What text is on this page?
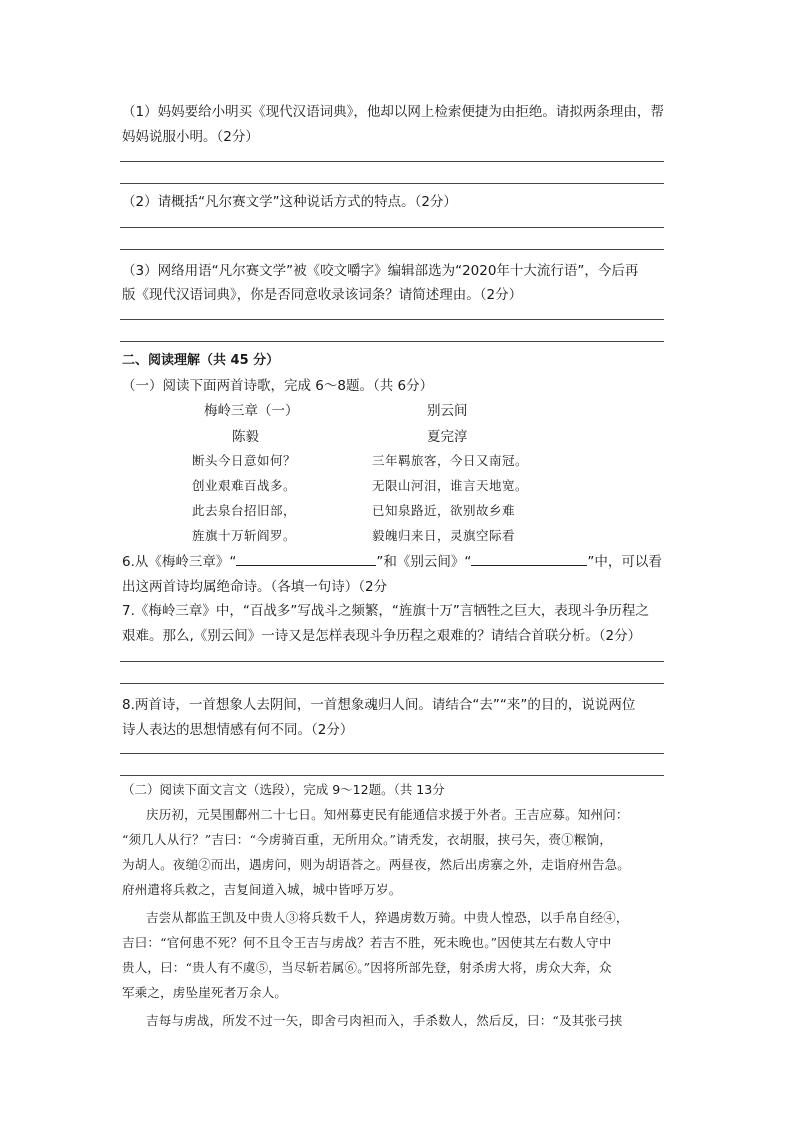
（1）妈妈要给小明买《现代汉语词典》，他却以网上检索便捷为由拒绝。请拟两条理由，帮
妈妈说服小明。（2分）
（2）请概括“凡尔赛文学”这种说话方式的特点。（2分）
（3）网络用语“凡尔赛文学”被《咬文嚼字》编辑部选为“2020年十大流行语”，今后再
版《现代汉语词典》，你是否同意收录该词条？请简述理由。（2分）
二、阅读理解（共 45 分）
（一）阅读下面两首诗歌，完成 6～8题。（共 6分）
梅岭三章（一）
陈毅
断头今日意如何？
创业艰难百战多。
此去泉台招旧部，
旌旗十万斩阎罗。
别云间
夏完淳
三年羁旅客，今日又南冠。
无限山河泪，谁言天地宽。
已知泉路近，欲别故乡难
毅魄归来日，灵旗空际看
6.从《梅岭三章》“	”和《别云间》“	”中，可以看
出这两首诗均属绝命诗。（各填一句诗）（2分
7.《梅岭三章》中，“百战多”写战斗之频繁，“旌旗十万”言牺牲之巨大，表现斗争历程之
艰难。那么,《别云间》一诗又是怎样表现斗争历程之艰难的？请结合首联分析。（2分）
8.两首诗，一首想象人去阴间，一首想象魂归人间。请结合“去”“来”的目的，说说两位
诗人表达的思想情感有何不同。（2分）
（二）阅读下面文言文（选段），完成 9～12题。（共 13分
庆历初，元昊围鄜州二十七日。知州募吏民有能通信求援于外者。王吉应募。知州问：
“须几人从行？”吉曰：“今虏骑百重，无所用众。”请秃发，衣胡服，挟弓矢，赍①糇饷，
为胡人。夜缒②而出，遇虏问，则为胡语荅之。两昼夜，然后出虏寨之外，走诣府州告急。
府州遣将兵救之，吉复间道入城，城中皆呼万岁。
吉尝从都监王凯及中贵人③将兵数千人，猝遇虏数万骑。中贵人惶恐，以手帛自经④，
吉曰：“官何患不死？何不且令王吉与虏战？若吉不胜，死未晚也。”因使其左右数人守中
贵人，曰：“贵人有不虞⑤，当尽斩若属⑥。”因将所部先登，射杀虏大将，虏众大奔，众
军乘之，虏坠崖死者万余人。
吉每与虏战，所发不过一矢，即舍弓肉袒而入，手杀数人，然后反，曰：“及其张弓挟
